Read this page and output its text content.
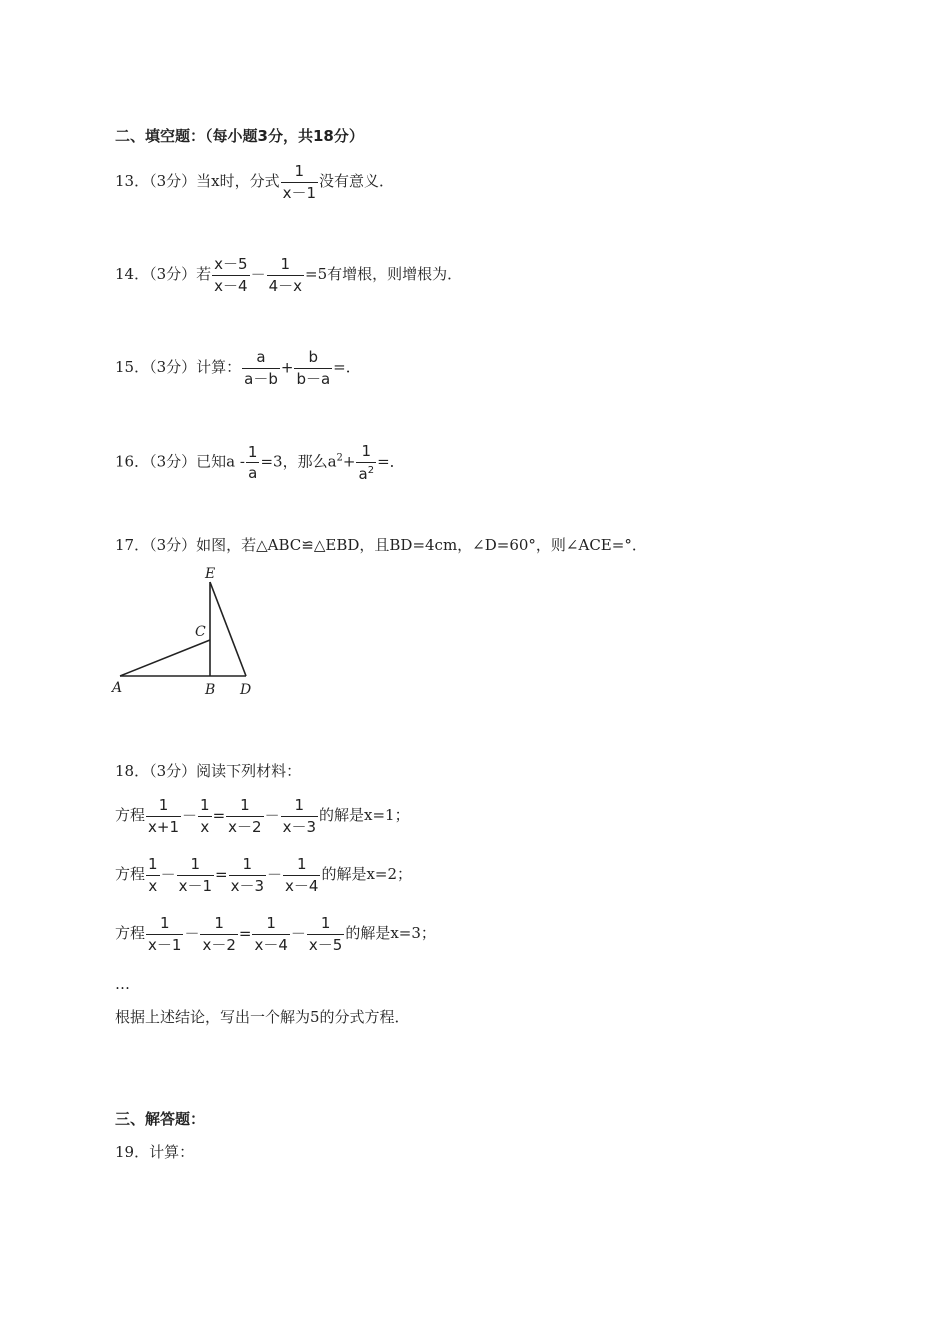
二、填空题：（每小题3分，共18分）
13．（3分）当x时，分式 $\frac{1}{x-1}$ 没有意义．
14．（3分）若 $\frac{x-5}{x-4} - \frac{1}{4-x} =5$有增根，则增根为．
15．（3分）计算： $\frac{a}{a-b} + \frac{b}{b-a}$ =．
16．（3分）已知$a - \frac{1}{a} =3$，那么$a^2+ \frac{1}{a^2}$ =．
17．（3分）如图，若△ABC≌△EBD，且BD=4cm，∠D=60°，则∠ACE=°．
E
C
A	B D
18．（3分）阅读下列材料：
方程 $\frac{1}{x+1} - \frac{1}{x} = \frac{1}{x-2} - \frac{1}{x-3}$ 的解是x=1；
方程 $\frac{1}{x} - \frac{1}{x-1} = \frac{1}{x-3} - \frac{1}{x-4}$ 的解是x=2；
方程 $\frac{1}{x-1} - \frac{1}{x-2} = \frac{1}{x-4} - \frac{1}{x-5}$ 的解是x=3；
…
根据上述结论，写出一个解为5的分式方程．
三、解答题：
19．计算：
